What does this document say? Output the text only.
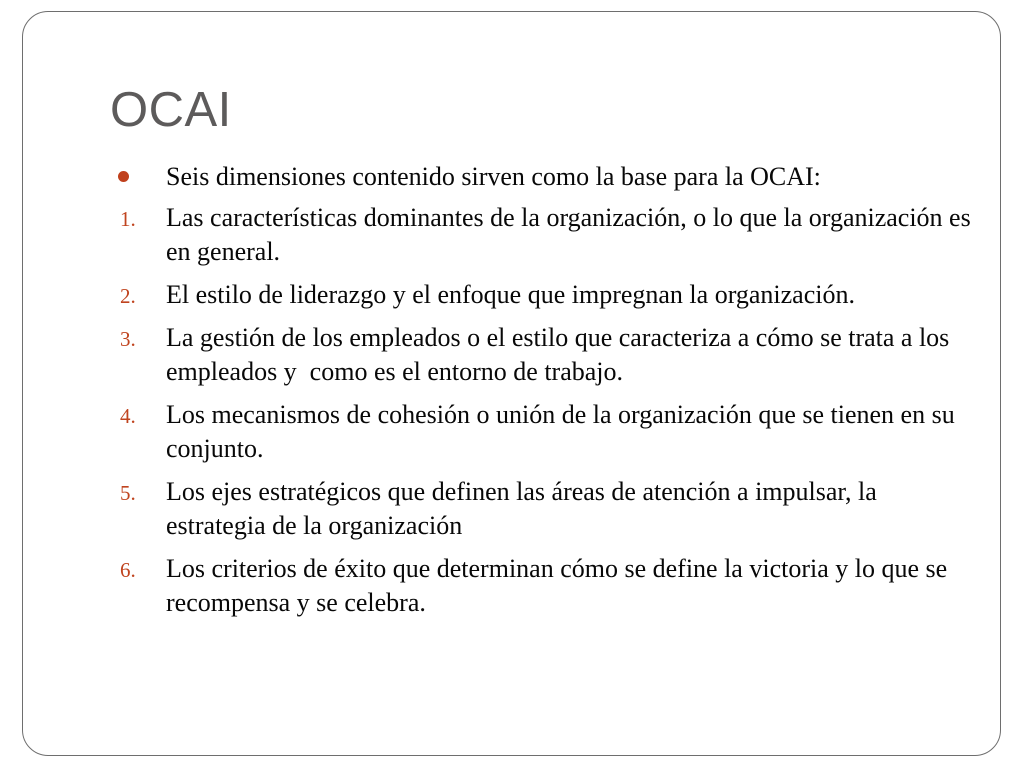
OCAI
Seis dimensiones contenido sirven como la base para la OCAI:
1.	Las características dominantes de la organización, o lo que la organización es en general.
2.	El estilo de liderazgo y el enfoque que impregnan la organización.
3.	La gestión de los empleados o el estilo que caracteriza a cómo se trata a los empleados y  como es el entorno de trabajo.
4.	Los mecanismos de cohesión o unión de la organización que se tienen en su conjunto.
5.	Los ejes estratégicos que definen las áreas de atención a impulsar, la estrategia de la organización
6.	Los criterios de éxito que determinan cómo se define la victoria y lo que se recompensa y se celebra.
